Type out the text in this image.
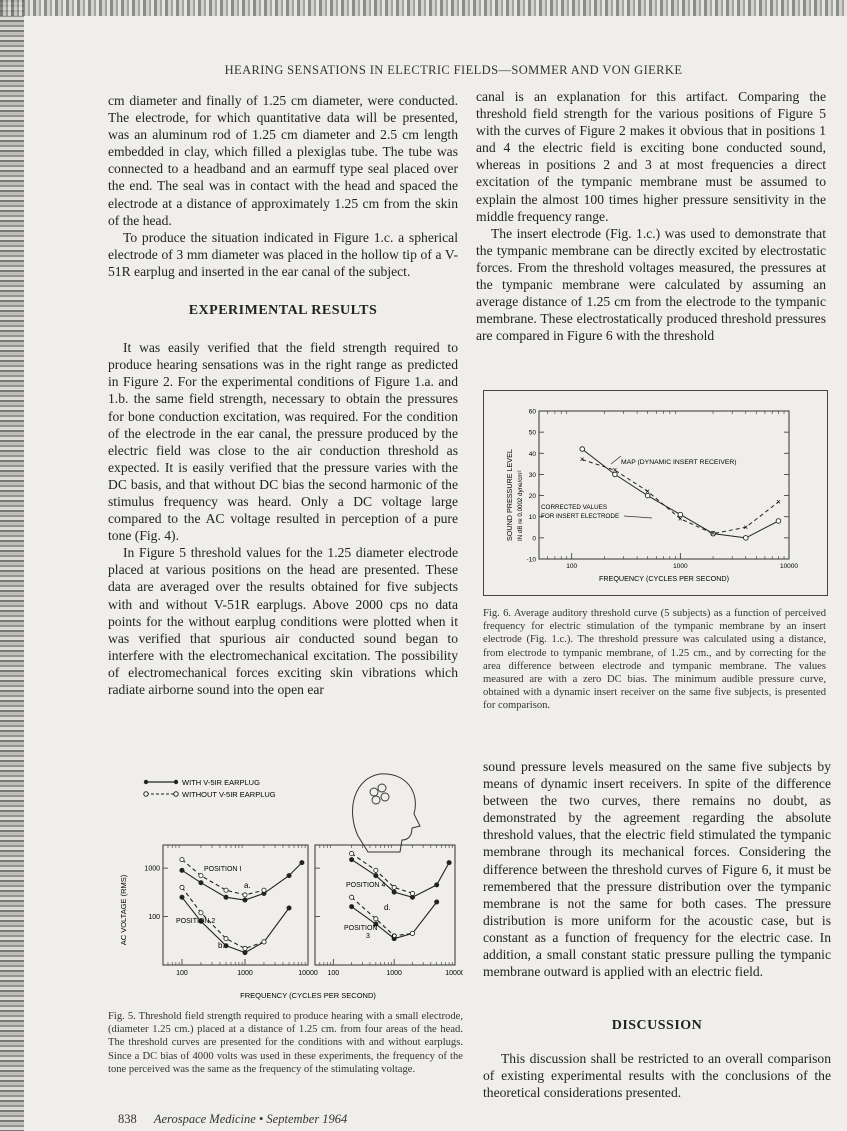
HEARING SENSATIONS IN ELECTRIC FIELDS—SOMMER AND VON GIERKE

cm diameter and finally of 1.25 cm diameter, were conducted. The electrode, for which quantitative data will be presented, was an aluminum rod of 1.25 cm diameter and 2.5 cm length embedded in clay, which filled a plexiglas tube. The tube was connected to a headband and an earmuff type seal placed over the end. The seal was in contact with the head and spaced the electrode at a distance of approximately 1.25 cm from the skin of the head.

To produce the situation indicated in Figure 1.c. a spherical electrode of 3 mm diameter was placed in the hollow tip of a V-51R earplug and inserted in the ear canal of the subject.

EXPERIMENTAL RESULTS

It was easily verified that the field strength required to produce hearing sensations was in the right range as predicted in Figure 2. For the experimental conditions of Figure 1.a. and 1.b. the same field strength, necessary to obtain the pressures for bone conduction excitation, was required. For the condition of the electrode in the ear canal, the pressure produced by the electric field was close to the air conduction threshold as expected. It is easily verified that the pressure varies with the DC basis, and that without DC bias the second harmonic of the stimulus frequency was heard. Only a DC voltage large compared to the AC voltage resulted in perception of a pure tone (Fig. 4).

In Figure 5 threshold values for the 1.25 diameter electrode placed at various positions on the head are presented. These data are averaged over the results obtained for five subjects with and without V-51R earplugs. Above 2000 cps no data points for the without earplug conditions were plotted when it was verified that spurious air conducted sound began to interfere with the electromechanical excitation. The possibility of electromechanical forces exciting skin vibrations which radiate airborne sound into the open ear

canal is an explanation for this artifact. Comparing the threshold field strength for the various positions of Figure 5 with the curves of Figure 2 makes it obvious that in positions 1 and 4 the electric field is exciting bone conducted sound, whereas in positions 2 and 3 at most frequencies a direct excitation of the tympanic membrane must be assumed to explain the almost 100 times higher pressure sensitivity in the middle frequency range.

The insert electrode (Fig. 1.c.) was used to demonstrate that the tympanic membrane can be directly excited by electrostatic forces. From the threshold voltages measured, the pressures at the tympanic membrane were calculated by assuming an average distance of 1.25 cm from the electrode to the tympanic membrane. These electrostatically produced threshold pressures are compared in Figure 6 with the threshold

-10
0
10
20
30
40
50
60
100	1000	10000
SOUND PRESSURE LEVEL IN dB re 0.0002 dyne/cm²
FREQUENCY (CYCLES PER SECOND)
×
×
×
×
×
×
×
MAP (DYNAMIC INSERT RECEIVER)
CORRECTED VALUES
FOR INSERT ELECTRODE
Fig. 6. Average auditory threshold curve (5 subjects) as a function of perceived frequency for electric stimulation of the tympanic membrane by an insert electrode (Fig. 1.c.). The threshold pressure was calculated using a distance, from electrode to tympanic membrane, of 1.25 cm., and by correcting for the area difference between electrode and tympanic membrane. The values measured are with a zero DC bias. The minimum audible pressure curve, obtained with a dynamic insert receiver on the same five subjects, is presented for comparison.

sound pressure levels measured on the same five subjects by means of dynamic insert receivers. In spite of the difference between the two curves, there remains no doubt, as demonstrated by the agreement regarding the absolute threshold values, that the electric field stimulated the tympanic membrane through its mechanical forces. Considering the difference between the threshold curves of Figure 6, it must be remembered that the pressure distribution over the tympanic membrane is not the same for both cases. The pressure distribution is more uniform for the acoustic case, but is constant as a function of frequency for the electric case. In addition, a small constant static pressure pulling the tympanic membrane outward is applied with an electric field.

WITH V-5IR EARPLUG
WITHOUT V-5IR EARPLUG
AC VOLTAGE (RMS)
100	1000	10000
100
1000
100	1000	10000
POSITION I
POSITION 2
POSITION 4
POSITION
3
a.
b.
c.
d.
FREQUENCY (CYCLES PER SECOND)
Fig. 5. Threshold field strength required to produce hearing with a small electrode, (diameter 1.25 cm.) placed at a distance of 1.25 cm. from four areas of the head. The threshold curves are presented for the conditions with and without earplugs. Since a DC bias of 4000 volts was used in these experiments, the frequency of the tone perceived was the same as the frequency of the stimulating voltage.
DISCUSSION
This discussion shall be restricted to an overall comparison of existing experimental results with the conclusions of the theoretical considerations presented.
838 Aerospace Medicine • September 1964
